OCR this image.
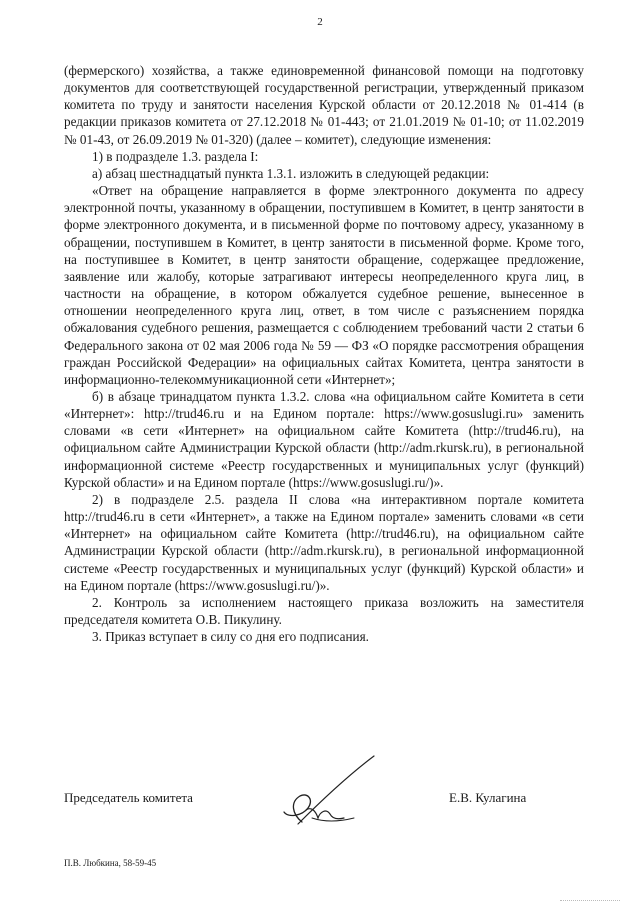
2

(фермерского) хозяйства, а также единовременной финансовой помощи на подготовку документов для соответствующей государственной регистрации, утвержденный приказом комитета по труду и занятости населения Курской области от 20.12.2018 № 01-414 (в редакции приказов комитета от 27.12.2018 № 01-443; от 21.01.2019 № 01-10; от 11.02.2019 № 01-43, от 26.09.2019 № 01-320) (далее – комитет), следующие изменения:

1) в подразделе 1.3. раздела I:

а) абзац шестнадцатый пункта 1.3.1. изложить в следующей редакции:

«Ответ на обращение направляется в форме электронного документа по адресу электронной почты, указанному в обращении, поступившем в Комитет, в центр занятости в форме электронного документа, и в письменной форме по почтовому адресу, указанному в обращении, поступившем в Комитет, в центр занятости в письменной форме. Кроме того, на поступившее в Комитет, в центр занятости обращение, содержащее предложение, заявление или жалобу, которые затрагивают интересы неопределенного круга лиц, в частности на обращение, в котором обжалуется судебное решение, вынесенное в отношении неопределенного круга лиц, ответ, в том числе с разъяснением порядка обжалования судебного решения, размещается с соблюдением требований части 2 статьи 6 Федерального закона от 02 мая 2006 года № 59 — ФЗ «О порядке рассмотрения обращения граждан Российской Федерации» на официальных сайтах Комитета, центра занятости в информационно-телекоммуникационной сети «Интернет»;

б) в абзаце тринадцатом пункта 1.3.2. слова «на официальном сайте Комитета в сети «Интернет»: http://trud46.ru и на Едином портале: https://www.gosuslugi.ru» заменить словами «в сети «Интернет» на официальном сайте Комитета (http://trud46.ru), на официальном сайте Администрации Курской области (http://adm.rkursk.ru), в региональной информационной системе «Реестр государственных и муниципальных услуг (функций) Курской области» и на Едином портале (https://www.gosuslugi.ru/)».

2) в подразделе 2.5. раздела II слова «на интерактивном портале комитета http://trud46.ru в сети «Интернет», а также на Едином портале» заменить словами «в сети «Интернет» на официальном сайте Комитета (http://trud46.ru), на официальном сайте Администрации Курской области (http://adm.rkursk.ru), в региональной информационной системе «Реестр государственных и муниципальных услуг (функций) Курской области» и на Едином портале (https://www.gosuslugi.ru/)».

2. Контроль за исполнением настоящего приказа возложить на заместителя председателя комитета О.В. Пикулину.

3. Приказ вступает в силу со дня его подписания.

Председатель комитета	Е.В. Кулагина
П.В. Любкина, 58-59-45
